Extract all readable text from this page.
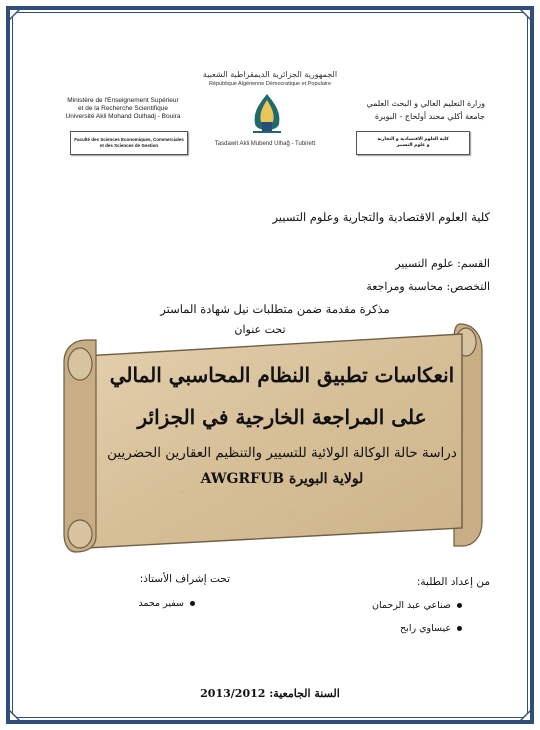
الجمهورية الجزائرية الديمقراطية الشعبية
République Algérienne Démocratique et Populaire
Ministère de l'Enseignement Supérieur
et de la Recherche Scientifique
Université Akli Mohand Oulhadj - Bouira
وزارة التعليم العالي و البحث العلمي
جامعة أكلي محند أولحاج - البويرة
Tasdawit Akli Mubend Ulhağ - Tubirett
Faculté des Sciences Economiques, Commerciales
et des Sciences de Gestion
كلية العلوم الاقتصادية و التجارية
و علوم التسيير
كلية العلوم الاقتصادية والتجارية وعلوم التسيير
القسم: علوم التسيير
التخصص: محاسبة ومراجعة
مذكرة مقدمة ضمن متطلبات نيل شهادة الماستر
تحت عنوان
انعكاسات تطبيق النظام المحاسبي المالي
على المراجعة الخارجية في الجزائر
دراسة حالة الوكالة الولائية للتسيير والتنظيم العقارين الحضريين
لولاية البويرة AWGRFUB
من إعداد الطلبة:
صناعي عبد الرحمان
عيساوي رابح
تحت إشراف الأستاذ:
سفير محمد
السنة الجامعية: 2013/2012
